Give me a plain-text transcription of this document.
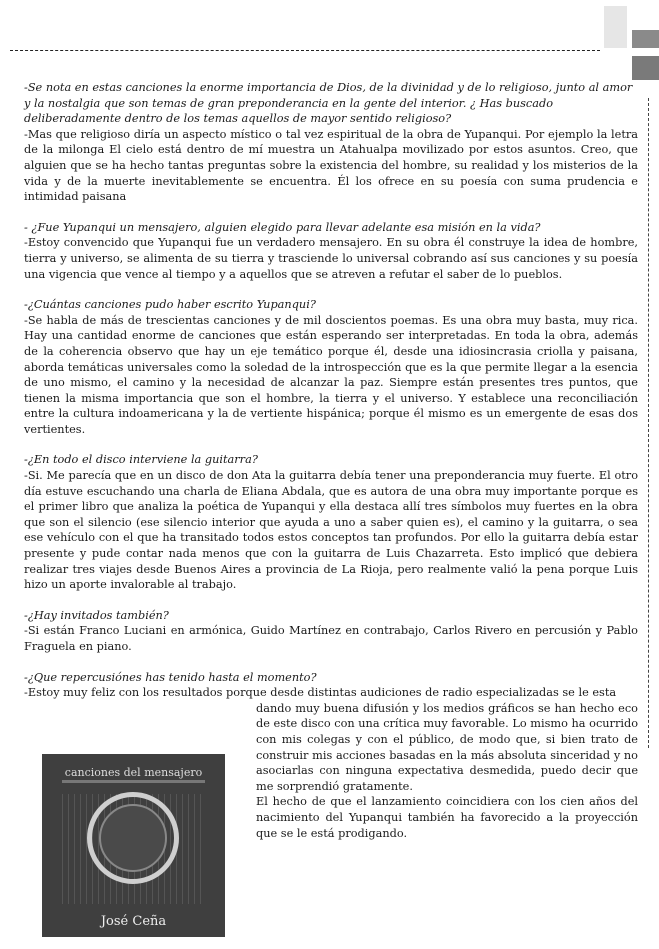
-Se nota en estas canciones la enorme importancia de Dios, de la divinidad y de lo religioso, junto al amor y la nostalgia que son temas de gran preponderancia en la gente del interior. ¿ Has buscado deliberadamente dentro de los temas aquellos de mayor sentido religioso?

-Mas que religioso diría un aspecto místico o tal vez espiritual de la obra de Yupanqui. Por ejemplo la letra de la milonga El cielo está dentro de mí muestra un Atahualpa movilizado por estos asuntos. Creo, que alguien que se ha hecho tantas preguntas sobre la existencia del hombre, su realidad y los misterios de la vida y de la muerte inevitablemente se encuentra. Él los ofrece en su poesía con suma prudencia e intimidad paisana

- ¿Fue Yupanqui un mensajero, alguien elegido para llevar adelante esa misión en la vida?

-Estoy convencido que Yupanqui fue un verdadero mensajero. En su obra él construye la idea de hombre, tierra y universo, se alimenta de su tierra y trasciende lo universal cobrando así sus canciones y su poesía una vigencia que vence al tiempo y a aquellos que se atreven a refutar el saber de lo pueblos.

-¿Cuántas canciones pudo haber escrito Yupanqui?

-Se habla de más de trescientas canciones y de mil doscientos poemas. Es una obra muy basta, muy rica. Hay una cantidad enorme de canciones que están esperando ser interpretadas. En toda la obra, además de la coherencia observo que hay un eje temático porque él, desde una idiosincrasia criolla y paisana, aborda temáticas universales como la soledad de la introspección que es la que permite llegar a la esencia de uno mismo, el camino y la necesidad de alcanzar la paz. Siempre están presentes tres puntos, que tienen la misma importancia que son el hombre, la tierra y el universo. Y establece una reconciliación entre la cultura indoamericana y la de vertiente hispánica; porque él mismo es un emergente de esas dos vertientes.

-¿En todo el disco interviene la guitarra?

-Si. Me parecía que en un disco de don Ata la guitarra debía tener una preponderancia muy fuerte. El otro día estuve escuchando una charla de Eliana Abdala, que es autora de una obra muy importante porque es el primer libro que analiza la poética de Yupanqui y ella destaca allí tres símbolos muy fuertes en la obra que son el silencio (ese silencio interior que ayuda a uno a saber quien es), el camino y la guitarra, o sea ese vehículo con el que ha transitado todos estos conceptos tan profundos. Por ello la guitarra debía estar presente y pude contar nada menos que con la guitarra de Luis Chazarreta. Esto implicó que debiera realizar tres viajes desde Buenos Aires a provincia de La Rioja, pero realmente valió la pena porque Luis hizo un aporte invalorable al trabajo.

-¿Hay invitados también?

-Si están Franco Luciani en armónica, Guido Martínez en contrabajo, Carlos Rivero en percusión y Pablo Fraguela en piano.

-¿Que repercusiónes has tenido hasta el momento?

-Estoy muy feliz con los resultados porque desde distintas audiciones de radio especializadas se le esta

dando muy buena difusión y los medios gráficos se han hecho eco de este disco con una crítica muy favorable. Lo mismo ha ocurrido con mis colegas y con el público, de modo que, si bien trato de construir mis acciones basadas en la más absoluta sinceridad y no asociarlas con ninguna expectativa desmedida, puedo decir que me sorprendió gratamente.

El hecho de que el lanzamiento coincidiera con los cien años del nacimiento del Yupanqui también ha favorecido a la proyección que se le está prodigando.

canciones del mensajero
José Ceña
